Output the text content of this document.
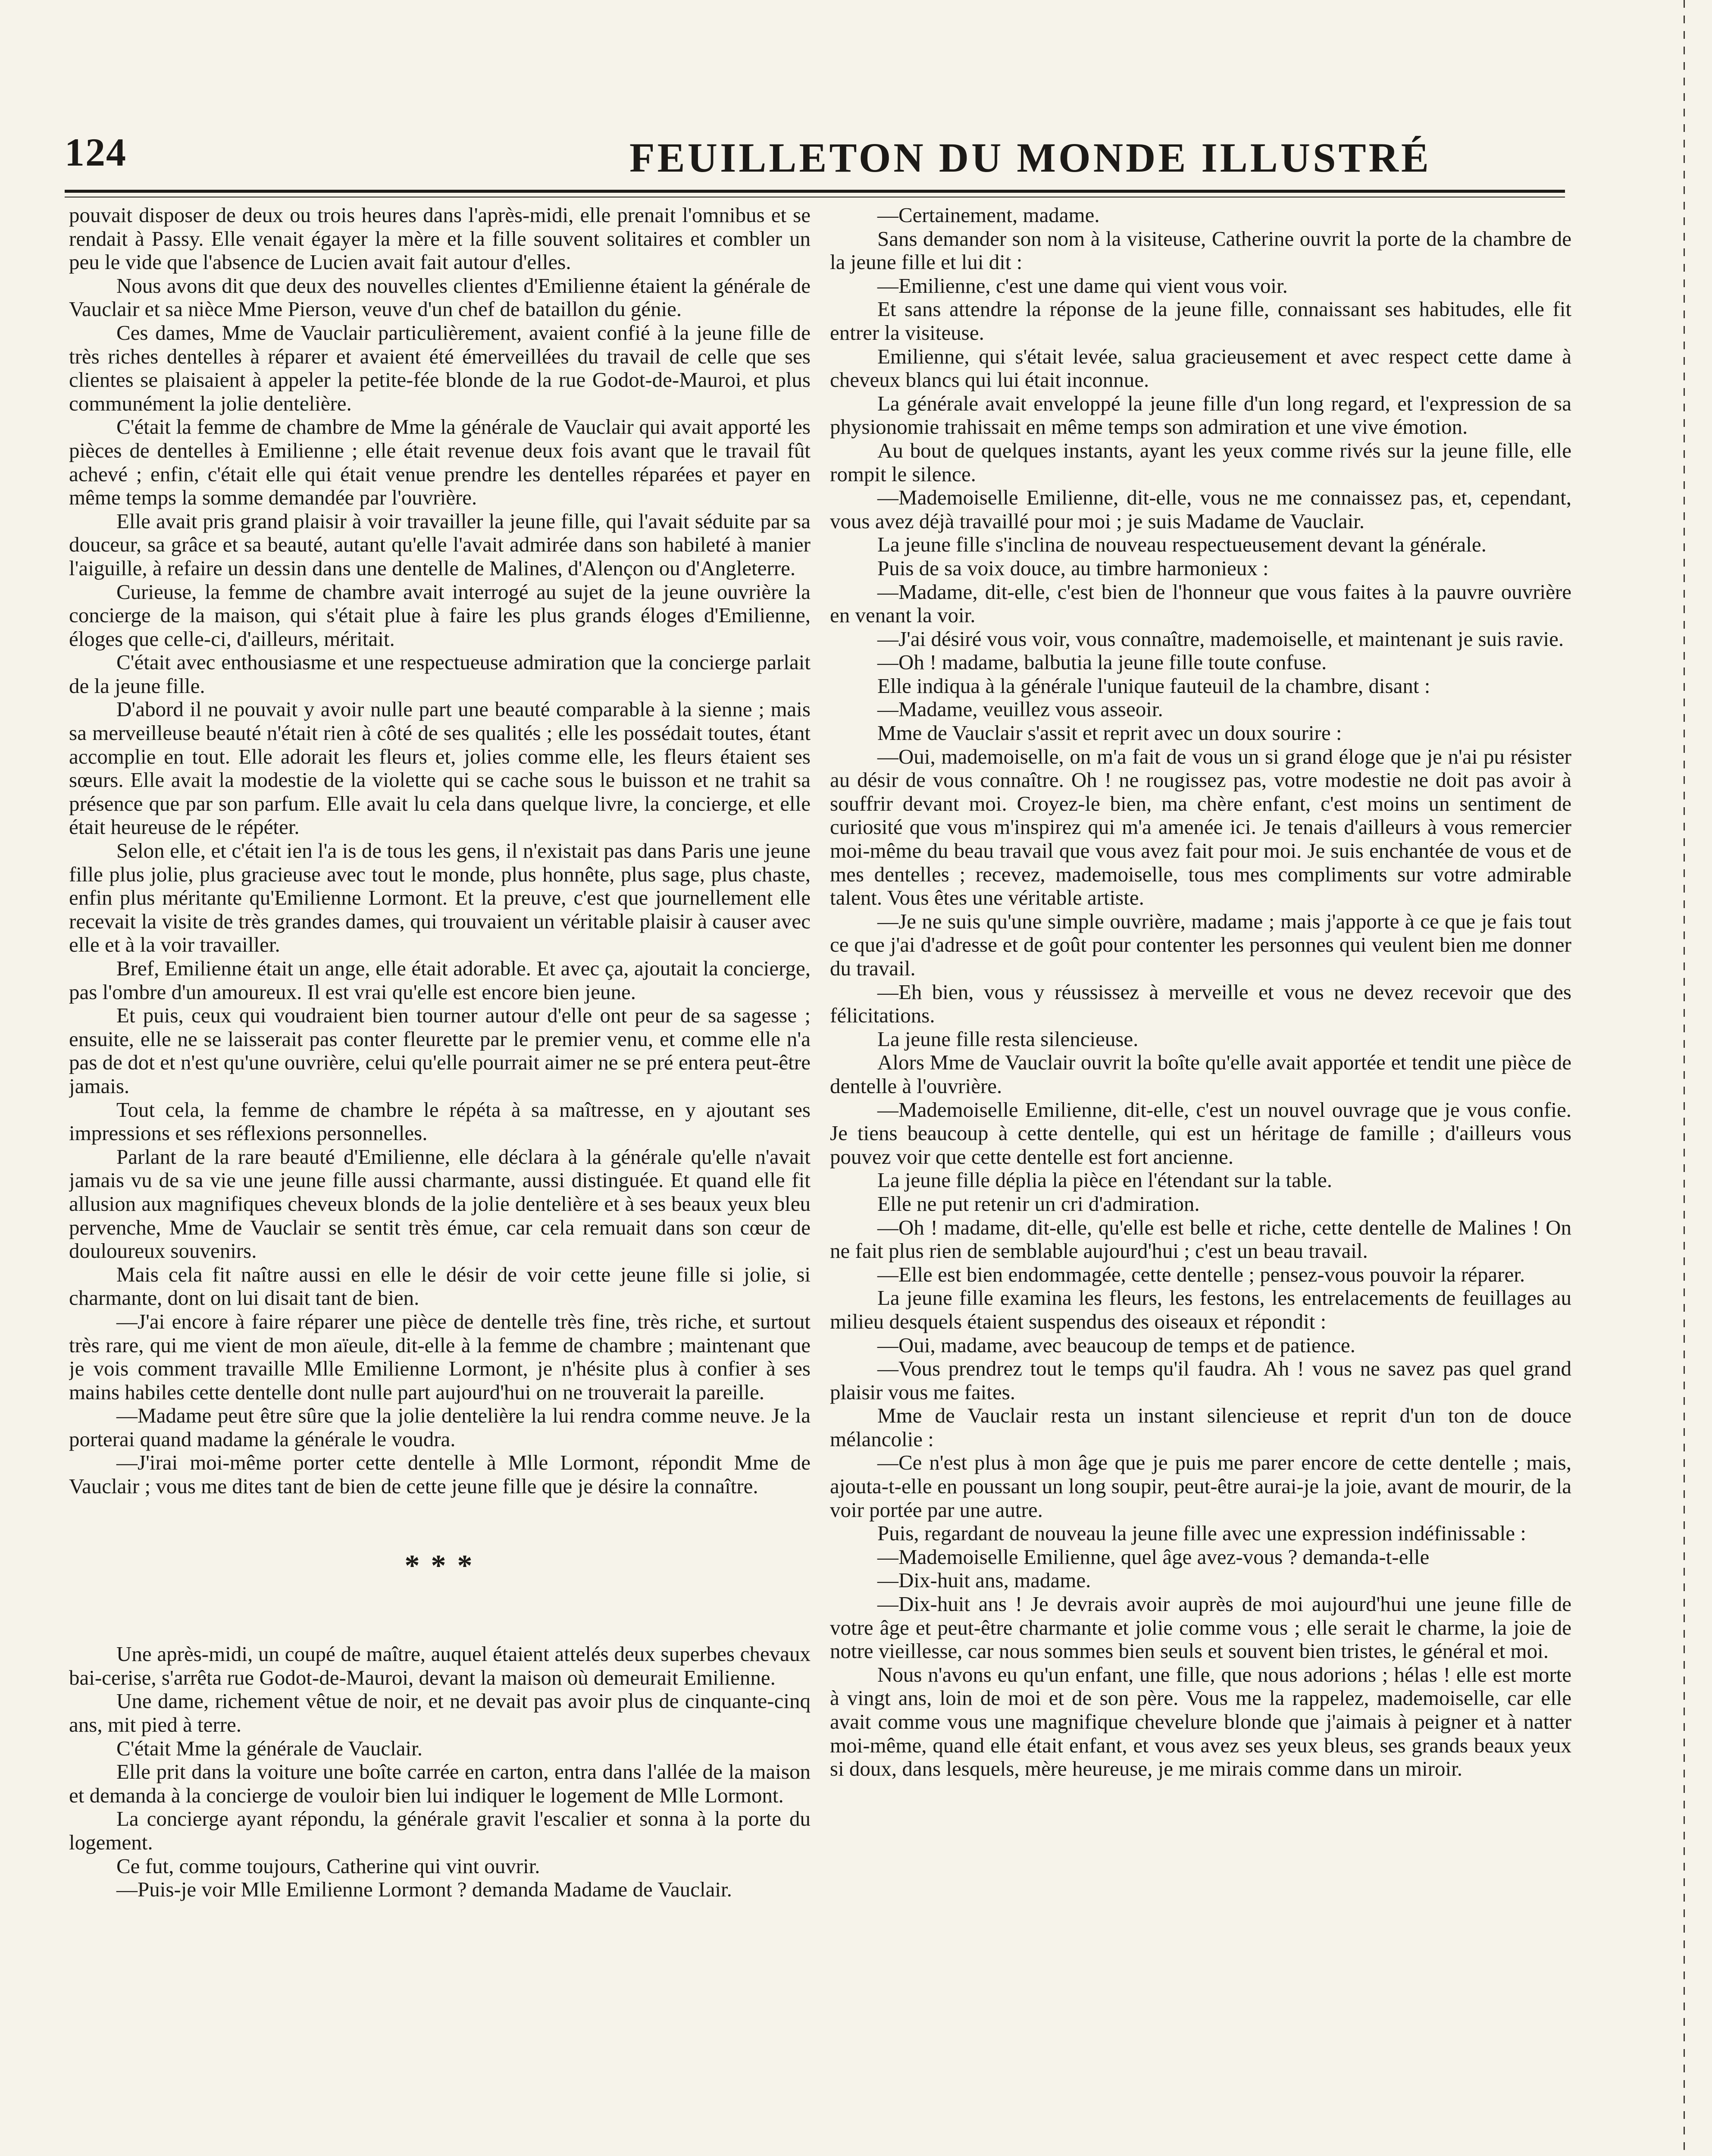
124	FEUILLETON DU MONDE ILLUSTRÉ

pouvait disposer de deux ou trois heures dans l'après-midi, elle prenait l'omnibus et se rendait à Passy. Elle venait égayer la mère et la fille souvent solitaires et combler un peu le vide que l'absence de Lucien avait fait autour d'elles.

Nous avons dit que deux des nouvelles clientes d'Emilienne étaient la générale de Vauclair et sa nièce Mme Pierson, veuve d'un chef de bataillon du génie.

Ces dames, Mme de Vauclair particulièrement, avaient confié à la jeune fille de très riches dentelles à réparer et avaient été émerveillées du travail de celle que ses clientes se plaisaient à appeler la petite-fée blonde de la rue Godot-de-Mauroi, et plus communément la jolie dentelière.

C'était la femme de chambre de Mme la générale de Vauclair qui avait apporté les pièces de dentelles à Emilienne ; elle était revenue deux fois avant que le travail fût achevé ; enfin, c'était elle qui était venue prendre les dentelles réparées et payer en même temps la somme demandée par l'ouvrière.

Elle avait pris grand plaisir à voir travailler la jeune fille, qui l'avait séduite par sa douceur, sa grâce et sa beauté, autant qu'elle l'avait admirée dans son habileté à manier l'aiguille, à refaire un dessin dans une dentelle de Malines, d'Alençon ou d'Angleterre.

Curieuse, la femme de chambre avait interrogé au sujet de la jeune ouvrière la concierge de la maison, qui s'était plue à faire les plus grands éloges d'Emilienne, éloges que celle-ci, d'ailleurs, méritait.

C'était avec enthousiasme et une respectueuse admiration que la concierge parlait de la jeune fille.

D'abord il ne pouvait y avoir nulle part une beauté comparable à la sienne ; mais sa merveilleuse beauté n'était rien à côté de ses qualités ; elle les possédait toutes, étant accomplie en tout. Elle adorait les fleurs et, jolies comme elle, les fleurs étaient ses sœurs. Elle avait la modestie de la violette qui se cache sous le buisson et ne trahit sa présence que par son parfum. Elle avait lu cela dans quelque livre, la concierge, et elle était heureuse de le répéter.

Selon elle, et c'était ien l'a is de tous les gens, il n'existait pas dans Paris une jeune fille plus jolie, plus gracieuse avec tout le monde, plus honnête, plus sage, plus chaste, enfin plus méritante qu'Emilienne Lormont. Et la preuve, c'est que journellement elle recevait la visite de très grandes dames, qui trouvaient un véritable plaisir à causer avec elle et à la voir travailler.

Bref, Emilienne était un ange, elle était adorable. Et avec ça, ajoutait la concierge, pas l'ombre d'un amoureux. Il est vrai qu'elle est encore bien jeune.

Et puis, ceux qui voudraient bien tourner autour d'elle ont peur de sa sagesse ; ensuite, elle ne se laisserait pas conter fleurette par le premier venu, et comme elle n'a pas de dot et n'est qu'une ouvrière, celui qu'elle pourrait aimer ne se pré entera peut-être jamais.

Tout cela, la femme de chambre le répéta à sa maîtresse, en y ajoutant ses impressions et ses réflexions personnelles.

Parlant de la rare beauté d'Emilienne, elle déclara à la générale qu'elle n'avait jamais vu de sa vie une jeune fille aussi charmante, aussi distinguée. Et quand elle fit allusion aux magnifiques cheveux blonds de la jolie dentelière et à ses beaux yeux bleu pervenche, Mme de Vauclair se sentit très émue, car cela remuait dans son cœur de douloureux souvenirs.

Mais cela fit naître aussi en elle le désir de voir cette jeune fille si jolie, si charmante, dont on lui disait tant de bien.

—J'ai encore à faire réparer une pièce de dentelle très fine, très riche, et surtout très rare, qui me vient de mon aïeule, dit-elle à la femme de chambre ; maintenant que je vois comment travaille Mlle Emilienne Lormont, je n'hésite plus à confier à ses mains habiles cette dentelle dont nulle part aujourd'hui on ne trouverait la pareille.

—Madame peut être sûre que la jolie dentelière la lui rendra comme neuve. Je la porterai quand madame la générale le voudra.

—J'irai moi-même porter cette dentelle à Mlle Lormont, répondit Mme de Vauclair ; vous me dites tant de bien de cette jeune fille que je désire la connaître.

* * *

Une après-midi, un coupé de maître, auquel étaient attelés deux superbes chevaux bai-cerise, s'arrêta rue Godot-de-Mauroi, devant la maison où demeurait Emilienne.

Une dame, richement vêtue de noir, et ne devait pas avoir plus de cinquante-cinq ans, mit pied à terre.

C'était Mme la générale de Vauclair.

Elle prit dans la voiture une boîte carrée en carton, entra dans l'allée de la maison et demanda à la concierge de vouloir bien lui indiquer le logement de Mlle Lormont.

La concierge ayant répondu, la générale gravit l'escalier et sonna à la porte du logement.

Ce fut, comme toujours, Catherine qui vint ouvrir.

—Puis-je voir Mlle Emilienne Lormont ? demanda Madame de Vauclair.

—Certainement, madame.

Sans demander son nom à la visiteuse, Catherine ouvrit la porte de la chambre de la jeune fille et lui dit :

—Emilienne, c'est une dame qui vient vous voir.

Et sans attendre la réponse de la jeune fille, connaissant ses habitudes, elle fit entrer la visiteuse.

Emilienne, qui s'était levée, salua gracieusement et avec respect cette dame à cheveux blancs qui lui était inconnue.

La générale avait enveloppé la jeune fille d'un long regard, et l'expression de sa physionomie trahissait en même temps son admiration et une vive émotion.

Au bout de quelques instants, ayant les yeux comme rivés sur la jeune fille, elle rompit le silence.

—Mademoiselle Emilienne, dit-elle, vous ne me connaissez pas, et, cependant, vous avez déjà travaillé pour moi ; je suis Madame de Vauclair.

La jeune fille s'inclina de nouveau respectueusement devant la générale.

Puis de sa voix douce, au timbre harmonieux :

—Madame, dit-elle, c'est bien de l'honneur que vous faites à la pauvre ouvrière en venant la voir.

—J'ai désiré vous voir, vous connaître, mademoiselle, et maintenant je suis ravie.

—Oh ! madame, balbutia la jeune fille toute confuse.

Elle indiqua à la générale l'unique fauteuil de la chambre, disant :

—Madame, veuillez vous asseoir.

Mme de Vauclair s'assit et reprit avec un doux sourire :

—Oui, mademoiselle, on m'a fait de vous un si grand éloge que je n'ai pu résister au désir de vous connaître. Oh ! ne rougissez pas, votre modestie ne doit pas avoir à souffrir devant moi. Croyez-le bien, ma chère enfant, c'est moins un sentiment de curiosité que vous m'inspirez qui m'a amenée ici. Je tenais d'ailleurs à vous remercier moi-même du beau travail que vous avez fait pour moi. Je suis enchantée de vous et de mes dentelles ; recevez, mademoiselle, tous mes compliments sur votre admirable talent. Vous êtes une véritable artiste.

—Je ne suis qu'une simple ouvrière, madame ; mais j'apporte à ce que je fais tout ce que j'ai d'adresse et de goût pour contenter les personnes qui veulent bien me donner du travail.

—Eh bien, vous y réussissez à merveille et vous ne devez recevoir que des félicitations.

La jeune fille resta silencieuse.

Alors Mme de Vauclair ouvrit la boîte qu'elle avait apportée et tendit une pièce de dentelle à l'ouvrière.

—Mademoiselle Emilienne, dit-elle, c'est un nouvel ouvrage que je vous confie. Je tiens beaucoup à cette dentelle, qui est un héritage de famille ; d'ailleurs vous pouvez voir que cette dentelle est fort ancienne.

La jeune fille déplia la pièce en l'étendant sur la table.

Elle ne put retenir un cri d'admiration.

—Oh ! madame, dit-elle, qu'elle est belle et riche, cette dentelle de Malines ! On ne fait plus rien de semblable aujourd'hui ; c'est un beau travail.

—Elle est bien endommagée, cette dentelle ; pensez-vous pouvoir la réparer.

La jeune fille examina les fleurs, les festons, les entrelacements de feuillages au milieu desquels étaient suspendus des oiseaux et répondit :

—Oui, madame, avec beaucoup de temps et de patience.

—Vous prendrez tout le temps qu'il faudra. Ah ! vous ne savez pas quel grand plaisir vous me faites.

Mme de Vauclair resta un instant silencieuse et reprit d'un ton de douce mélancolie :

—Ce n'est plus à mon âge que je puis me parer encore de cette dentelle ; mais, ajouta-t-elle en poussant un long soupir, peut-être aurai-je la joie, avant de mourir, de la voir portée par une autre.

Puis, regardant de nouveau la jeune fille avec une expression indéfinissable :

—Mademoiselle Emilienne, quel âge avez-vous ? demanda-t-elle

—Dix-huit ans, madame.

—Dix-huit ans ! Je devrais avoir auprès de moi aujourd'hui une jeune fille de votre âge et peut-être charmante et jolie comme vous ; elle serait le charme, la joie de notre vieillesse, car nous sommes bien seuls et souvent bien tristes, le général et moi.

Nous n'avons eu qu'un enfant, une fille, que nous adorions ; hélas ! elle est morte à vingt ans, loin de moi et de son père. Vous me la rappelez, mademoiselle, car elle avait comme vous une magnifique chevelure blonde que j'aimais à peigner et à natter moi-même, quand elle était enfant, et vous avez ses yeux bleus, ses grands beaux yeux si doux, dans lesquels, mère heureuse, je me mirais comme dans un miroir.
